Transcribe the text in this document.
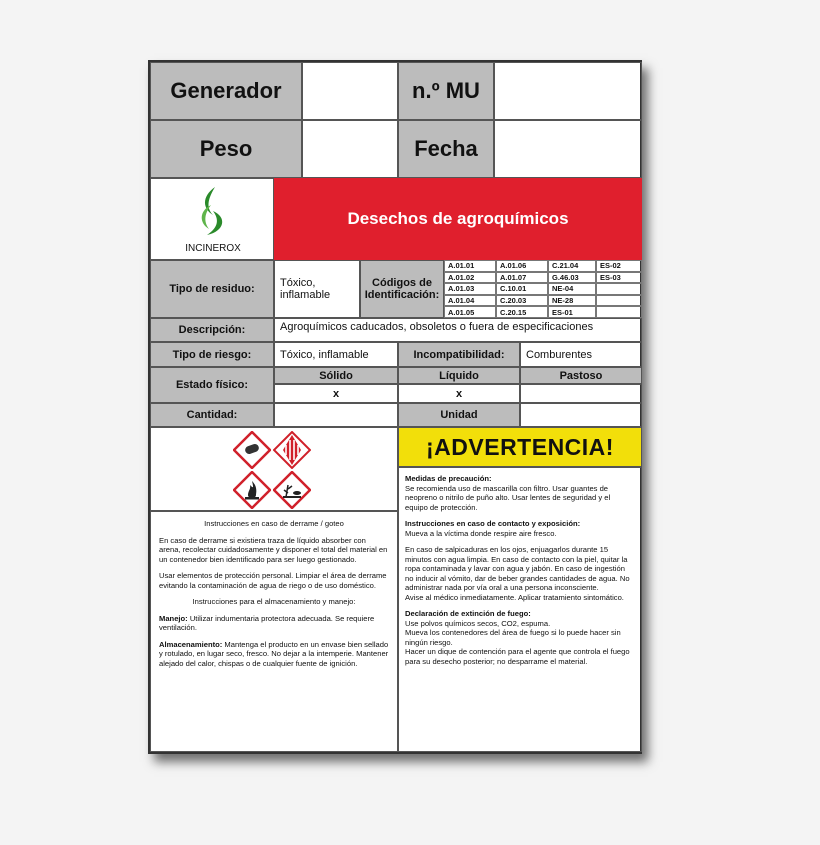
Generador	n.º MU
Peso	Fecha
INCINEROX
Desechos de agroquímicos
Tipo de residuo:	Tóxico, inflamable
Códigos de Identificación:
A.01.01	A.01.06	C.21.04	ES-02
A.01.02	A.01.07	G.46.03	ES-03
A.01.03	C.10.01	NE-04
A.01.04	C.20.03	NE-28
A.01.05	C.20.15	ES-01
Descripción:	Agroquímicos caducados, obsoletos o fuera de especificaciones
Tipo de riesgo:	Tóxico, inflamable	Incompatibilidad:	Comburentes
Estado físico:
Sólido	Líquido	Pastoso
x	x
Cantidad:	Unidad
¡ADVERTENCIA!

Instrucciones en caso de derrame / goteo

En caso de derrame si existiera traza de líquido absorber con arena, recolectar cuidadosamente y disponer el total del material en un contenedor bien identificado para ser luego gestionado.

Usar elementos de protección personal. Limpiar el área de derrame evitando la contaminación de agua de riego o de uso doméstico.

Instrucciones para el almacenamiento y manejo:

Manejo: Utilizar indumentaria protectora adecuada. Se requiere ventilación.

Almacenamiento: Mantenga el producto en un envase bien sellado y rotulado, en lugar seco, fresco. No dejar a la intemperie. Mantener alejado del calor, chispas o de cualquier fuente de ignición.

Medidas de precaución:

Se recomienda uso de mascarilla con filtro. Usar guantes de neopreno o nitrilo de puño alto. Usar lentes de seguridad y el equipo de protección.

Instrucciones en caso de contacto y exposición:

Mueva a la víctima donde respire aire fresco.

En caso de salpicaduras en los ojos, enjuagarlos durante 15 minutos con agua limpia. En caso de contacto con la piel, quitar la ropa contaminada y lavar con agua y jabón. En caso de ingestión no inducir al vómito, dar de beber grandes cantidades de agua. No administrar nada por vía oral a una persona inconsciente.

Avise al médico inmediatamente. Aplicar tratamiento sintomático.

Declaración de extinción de fuego:
Use polvos químicos secos, CO2, espuma.
Mueva los contenedores del área de fuego si lo puede hacer sin ningún riesgo.
Hacer un dique de contención para el agente que controla el fuego para su desecho posterior; no desparrame el material.
